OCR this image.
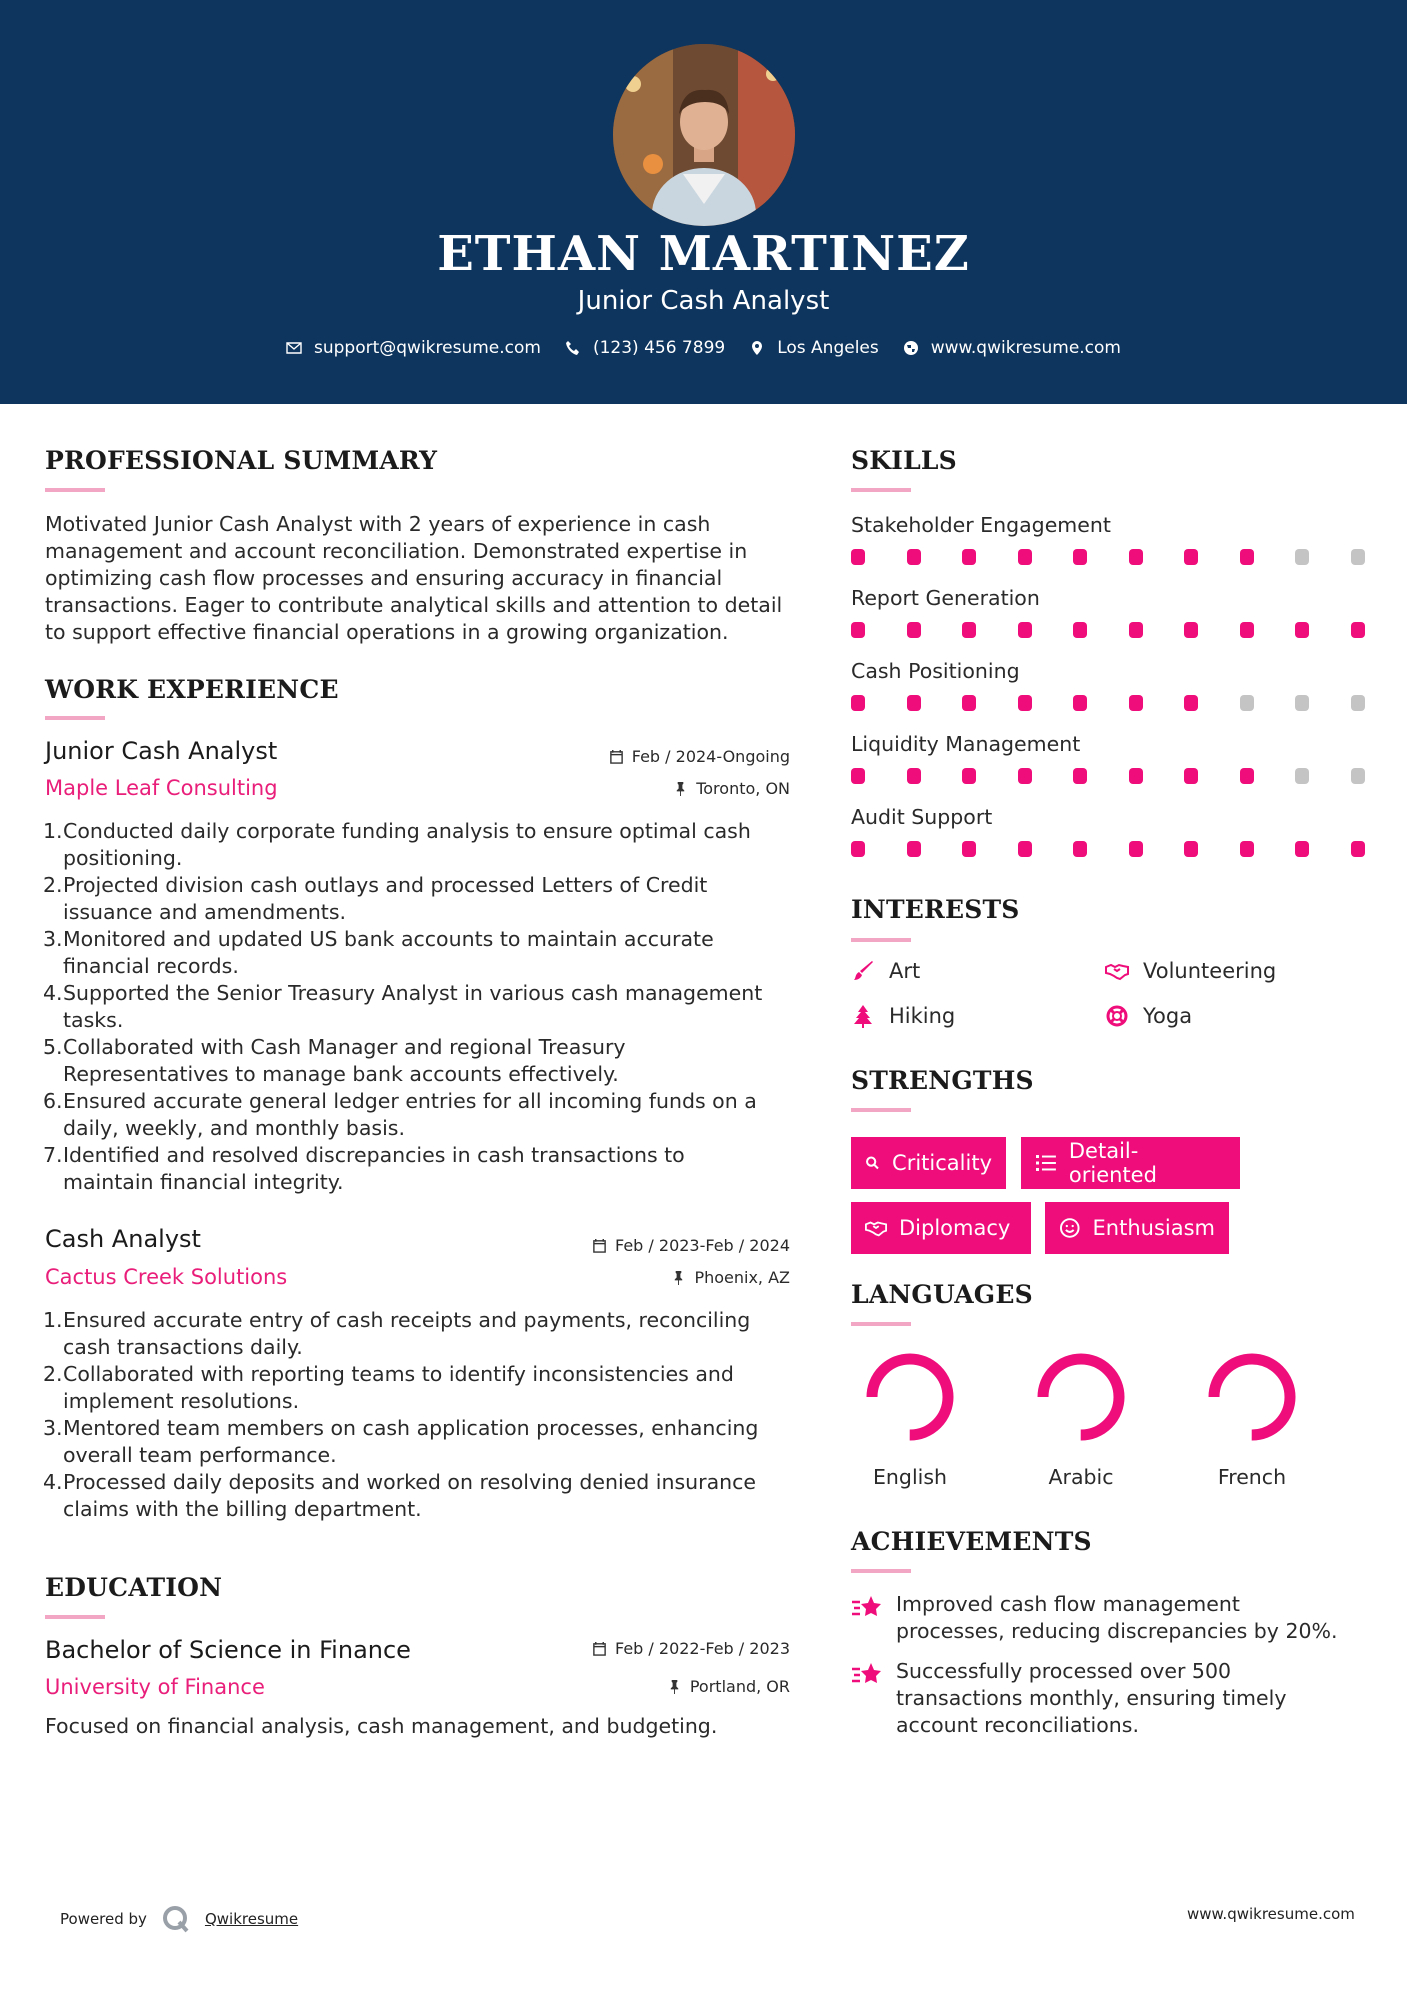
ETHAN MARTINEZ
Junior Cash Analyst
support@qwikresume.com	(123) 456 7899	Los Angeles	www.qwikresume.com
PROFESSIONAL SUMMARY
Motivated Junior Cash Analyst with 2 years of experience in cash
management and account reconciliation. Demonstrated expertise in
optimizing cash flow processes and ensuring accuracy in financial
transactions. Eager to contribute analytical skills and attention to detail
to support effective financial operations in a growing organization.
WORK EXPERIENCE
Junior Cash Analyst	Feb / 2024-Ongoing
Maple Leaf Consulting	Toronto, ON
1. Conducted daily corporate funding analysis to ensure optimal cash
positioning.
2. Projected division cash outlays and processed Letters of Credit
issuance and amendments.
3. Monitored and updated US bank accounts to maintain accurate
financial records.
4. Supported the Senior Treasury Analyst in various cash management
tasks.
5. Collaborated with Cash Manager and regional Treasury
Representatives to manage bank accounts effectively.
6. Ensured accurate general ledger entries for all incoming funds on a
daily, weekly, and monthly basis.
7. Identified and resolved discrepancies in cash transactions to
maintain financial integrity.
Cash Analyst	Feb / 2023-Feb / 2024
Cactus Creek Solutions	Phoenix, AZ
1. Ensured accurate entry of cash receipts and payments, reconciling
cash transactions daily.
2. Collaborated with reporting teams to identify inconsistencies and
implement resolutions.
3. Mentored team members on cash application processes, enhancing
overall team performance.
4. Processed daily deposits and worked on resolving denied insurance
claims with the billing department.
EDUCATION
Bachelor of Science in Finance	Feb / 2022-Feb / 2023
University of Finance	Portland, OR
Focused on financial analysis, cash management, and budgeting.
SKILLS
Stakeholder Engagement
Report Generation
Cash Positioning
Liquidity Management
Audit Support
INTERESTS
Art	Volunteering
Hiking	Yoga
STRENGTHS
Criticality	Detail-oriented
Diplomacy	Enthusiasm
LANGUAGES
English	Arabic	French
ACHIEVEMENTS
Improved cash flow management
processes, reducing discrepancies by 20%.
Successfully processed over 500
transactions monthly, ensuring timely
account reconciliations.
Powered by	Qwikresume	www.qwikresume.com
